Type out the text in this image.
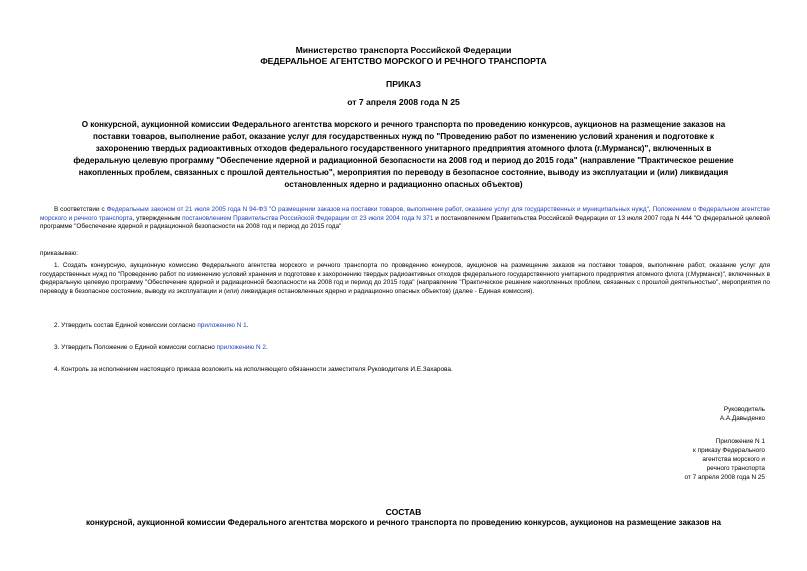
Министерство транспорта Российской Федерации
ФЕДЕРАЛЬНОЕ АГЕНТСТВО МОРСКОГО И РЕЧНОГО ТРАНСПОРТА
ПРИКАЗ
от 7 апреля 2008 года N 25
О конкурсной, аукционной комиссии Федерального агентства морского и речного транспорта по проведению конкурсов, аукционов на размещение заказов на
поставки товаров, выполнение работ, оказание услуг для государственных нужд по "Проведению работ по изменению условий хранения и подготовке к
захоронению твердых радиоактивных отходов федерального государственного унитарного предприятия атомного флота (г.Мурманск)", включенных в
федеральную целевую программу "Обеспечение ядерной и радиационной безопасности на 2008 год и период до 2015 года" (направление "Практическое решение
накопленных проблем, связанных с прошлой деятельностью", мероприятия по переводу в безопасное состояние, выводу из эксплуатации и (или) ликвидация
остановленных ядерно и радиационно опасных объектов)
В соответствии с Федеральным законом от 21 июля 2005 года N 94-ФЗ "О размещении заказов на поставки товаров, выполнение работ, оказание услуг для государственных и муниципальных нужд", Положением о Федеральном агентстве морского и речного транспорта, утвержденным постановлением Правительства Российской Федерации от 23 июля 2004 года N 371 и постановлением Правительства Российской Федерации от 13 июля 2007 года N 444 "О федеральной целевой программе "Обеспечение ядерной и радиационной безопасности на 2008 год и период до 2015 года"
приказываю:
1. Создать конкурсную, аукционную комиссию Федерального агентства морского и речного транспорта по проведению конкурсов, аукционов на размещение заказов на поставки товаров, выполнение работ, оказание услуг для государственных нужд по "Проведению работ по изменению условий хранения и подготовке к захоронению твердых радиоактивных отходов федерального государственного унитарного предприятия атомного флота (г.Мурманск)", включенных в федеральную целевую программу "Обеспечение ядерной и радиационной безопасности на 2008 год и период до 2015 года" (направление "Практическое решение накопленных проблем, связанных с прошлой деятельностью", мероприятия по переводу в безопасное состояние, выводу из эксплуатации и (или) ликвидация остановленных ядерно и радиационно опасных объектов) (далее - Единая комиссия).
2. Утвердить состав Единой комиссии согласно приложению N 1.
3. Утвердить Положение о Единой комиссии согласно приложению N 2.
4. Контроль за исполнением настоящего приказа возложить на исполняющего обязанности заместителя Руководителя И.Е.Захарова.
Руководитель
А.А.Давыденко
Приложение N 1
к приказу Федерального
агентства морского и
речного транспорта
от 7 апреля 2008 года N 25
СОСТАВ
конкурсной, аукционной комиссии Федерального агентства морского и речного транспорта по проведению конкурсов, аукционов на размещение заказов на
